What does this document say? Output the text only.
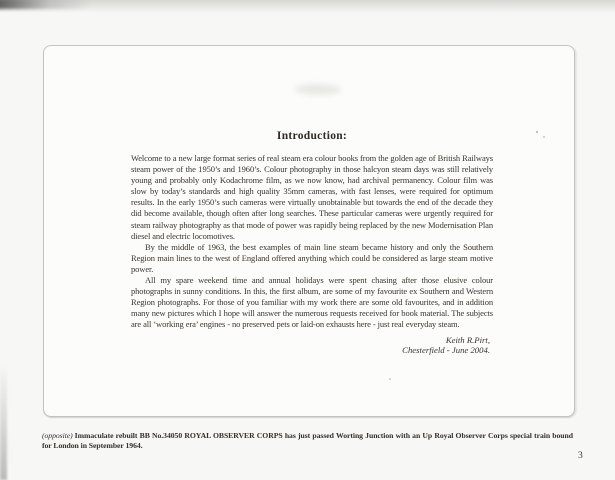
Introduction:

Welcome to a new large format series of real steam era colour books from the golden age of British Railways steam power of the 1950’s and 1960’s. Colour photography in those halcyon steam days was still relatively young and probably only Kodachrome film, as we now know, had archival permanency. Colour film was slow by today’s standards and high quality 35mm cameras, with fast lenses, were required for optimum results. In the early 1950’s such cameras were virtually unobtainable but towards the end of the decade they did become available, though often after long searches. These particular cameras were urgently required for steam railway photography as that mode of power was rapidly being replaced by the new Modernisation Plan diesel and electric locomotives.

By the middle of 1963, the best examples of main line steam became history and only the Southern Region main lines to the west of England offered anything which could be considered as large steam motive power.

All my spare weekend time and annual holidays were spent chasing after those elusive colour photographs in sunny conditions. In this, the first album, are some of my favourite ex Southern and Western Region photographs. For those of you familiar with my work there are some old favourites, and in addition many new pictures which I hope will answer the numerous requests received for book material. The subjects are all ‘working era’ engines - no preserved pets or laid-on exhausts here - just real everyday steam.

Keith R.Pirt,
Chesterfield - June 2004.
(opposite) Immaculate rebuilt BB No.34050 ROYAL OBSERVER CORPS has just passed Worting Junction with an Up Royal Observer Corps special train bound for London in September 1964.
3
